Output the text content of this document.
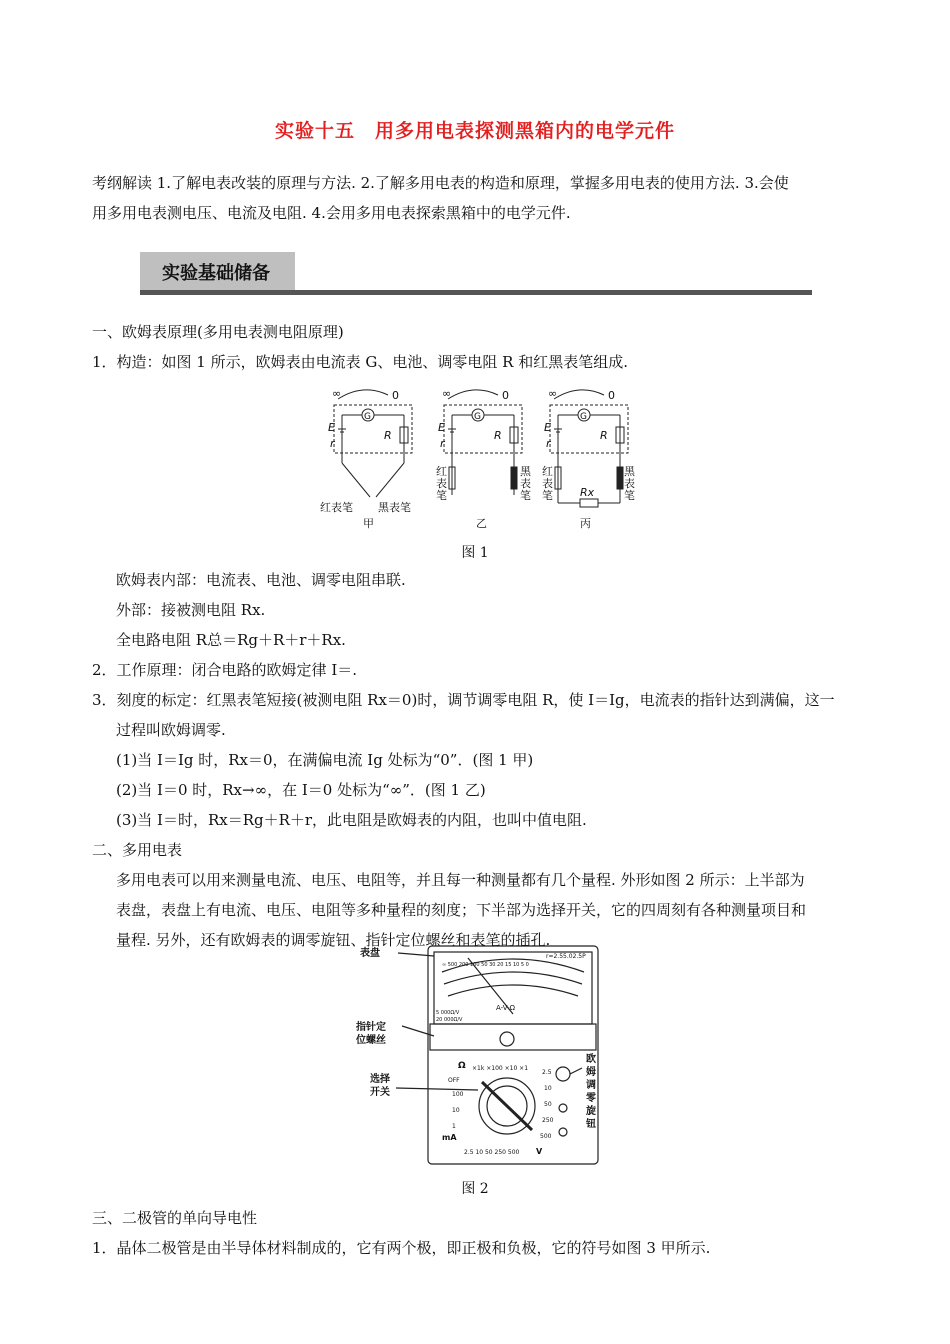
实验十五　用多用电表探测黑箱内的电学元件
考纲解读 1.了解电表改装的原理与方法. 2.了解多用电表的构造和原理，掌握多用电表的使用方法. 3.会使
用多用电表测电压、电流及电阻. 4.会用多用电表探索黑箱中的电学元件.
实验基础储备
一、欧姆表原理(多用电表测电阻原理)
1．构造：如图 1 所示，欧姆表由电流表 G、电池、调零电阻 R 和红黑表笔组成.
∞	0
G
E
r
R
红表笔 黑表笔
甲
∞	0
G
E
r
R
红
表
笔
黑
表
笔
乙
∞	0
G
E
r
R
红
表
笔
黑
表
笔
Rx
丙
图 1
欧姆表内部：电流表、电池、调零电阻串联.
外部：接被测电阻 Rx.
全电路电阻 R总＝Rg＋R＋r＋Rx.
2．工作原理：闭合电路的欧姆定律 I＝.
3．刻度的标定：红黑表笔短接(被测电阻 Rx＝0)时，调节调零电阻 R，使 I＝Ig，电流表的指针达到满偏，这一
过程叫欧姆调零.
(1)当 I＝Ig 时，Rx＝0，在满偏电流 Ig 处标为“0”．(图 1 甲)
(2)当 I＝0 时，Rx→∞，在 I＝0 处标为“∞”．(图 1 乙)
(3)当 I＝时，Rx＝Rg＋R＋r，此电阻是欧姆表的内阻，也叫中值电阻.
二、多用电表
多用电表可以用来测量电流、电压、电阻等，并且每一种测量都有几个量程. 外形如图 2 所示：上半部为
表盘，表盘上有电流、电压、电阻等多种量程的刻度；下半部为选择开关，它的四周刻有各种测量项目和
量程. 另外，还有欧姆表的调零旋钮、指针定位螺丝和表笔的插孔.
表盘
指针定
位螺丝
选择
开关
欧
姆
调
零
旋
钮
∞ 500 200 100 50 30 20 15 10 5 0
r=2.55.02.5P
A-V-Ω
5 000Ω/V
20 000Ω/V
Ω ×1k ×100 ×10 ×1
OFF
100
10
1
mA
2.5
10
50
250
500
2.5 10 50 250 500 V
图 2
三、二极管的单向导电性
1．晶体二极管是由半导体材料制成的，它有两个极，即正极和负极，它的符号如图 3 甲所示.
